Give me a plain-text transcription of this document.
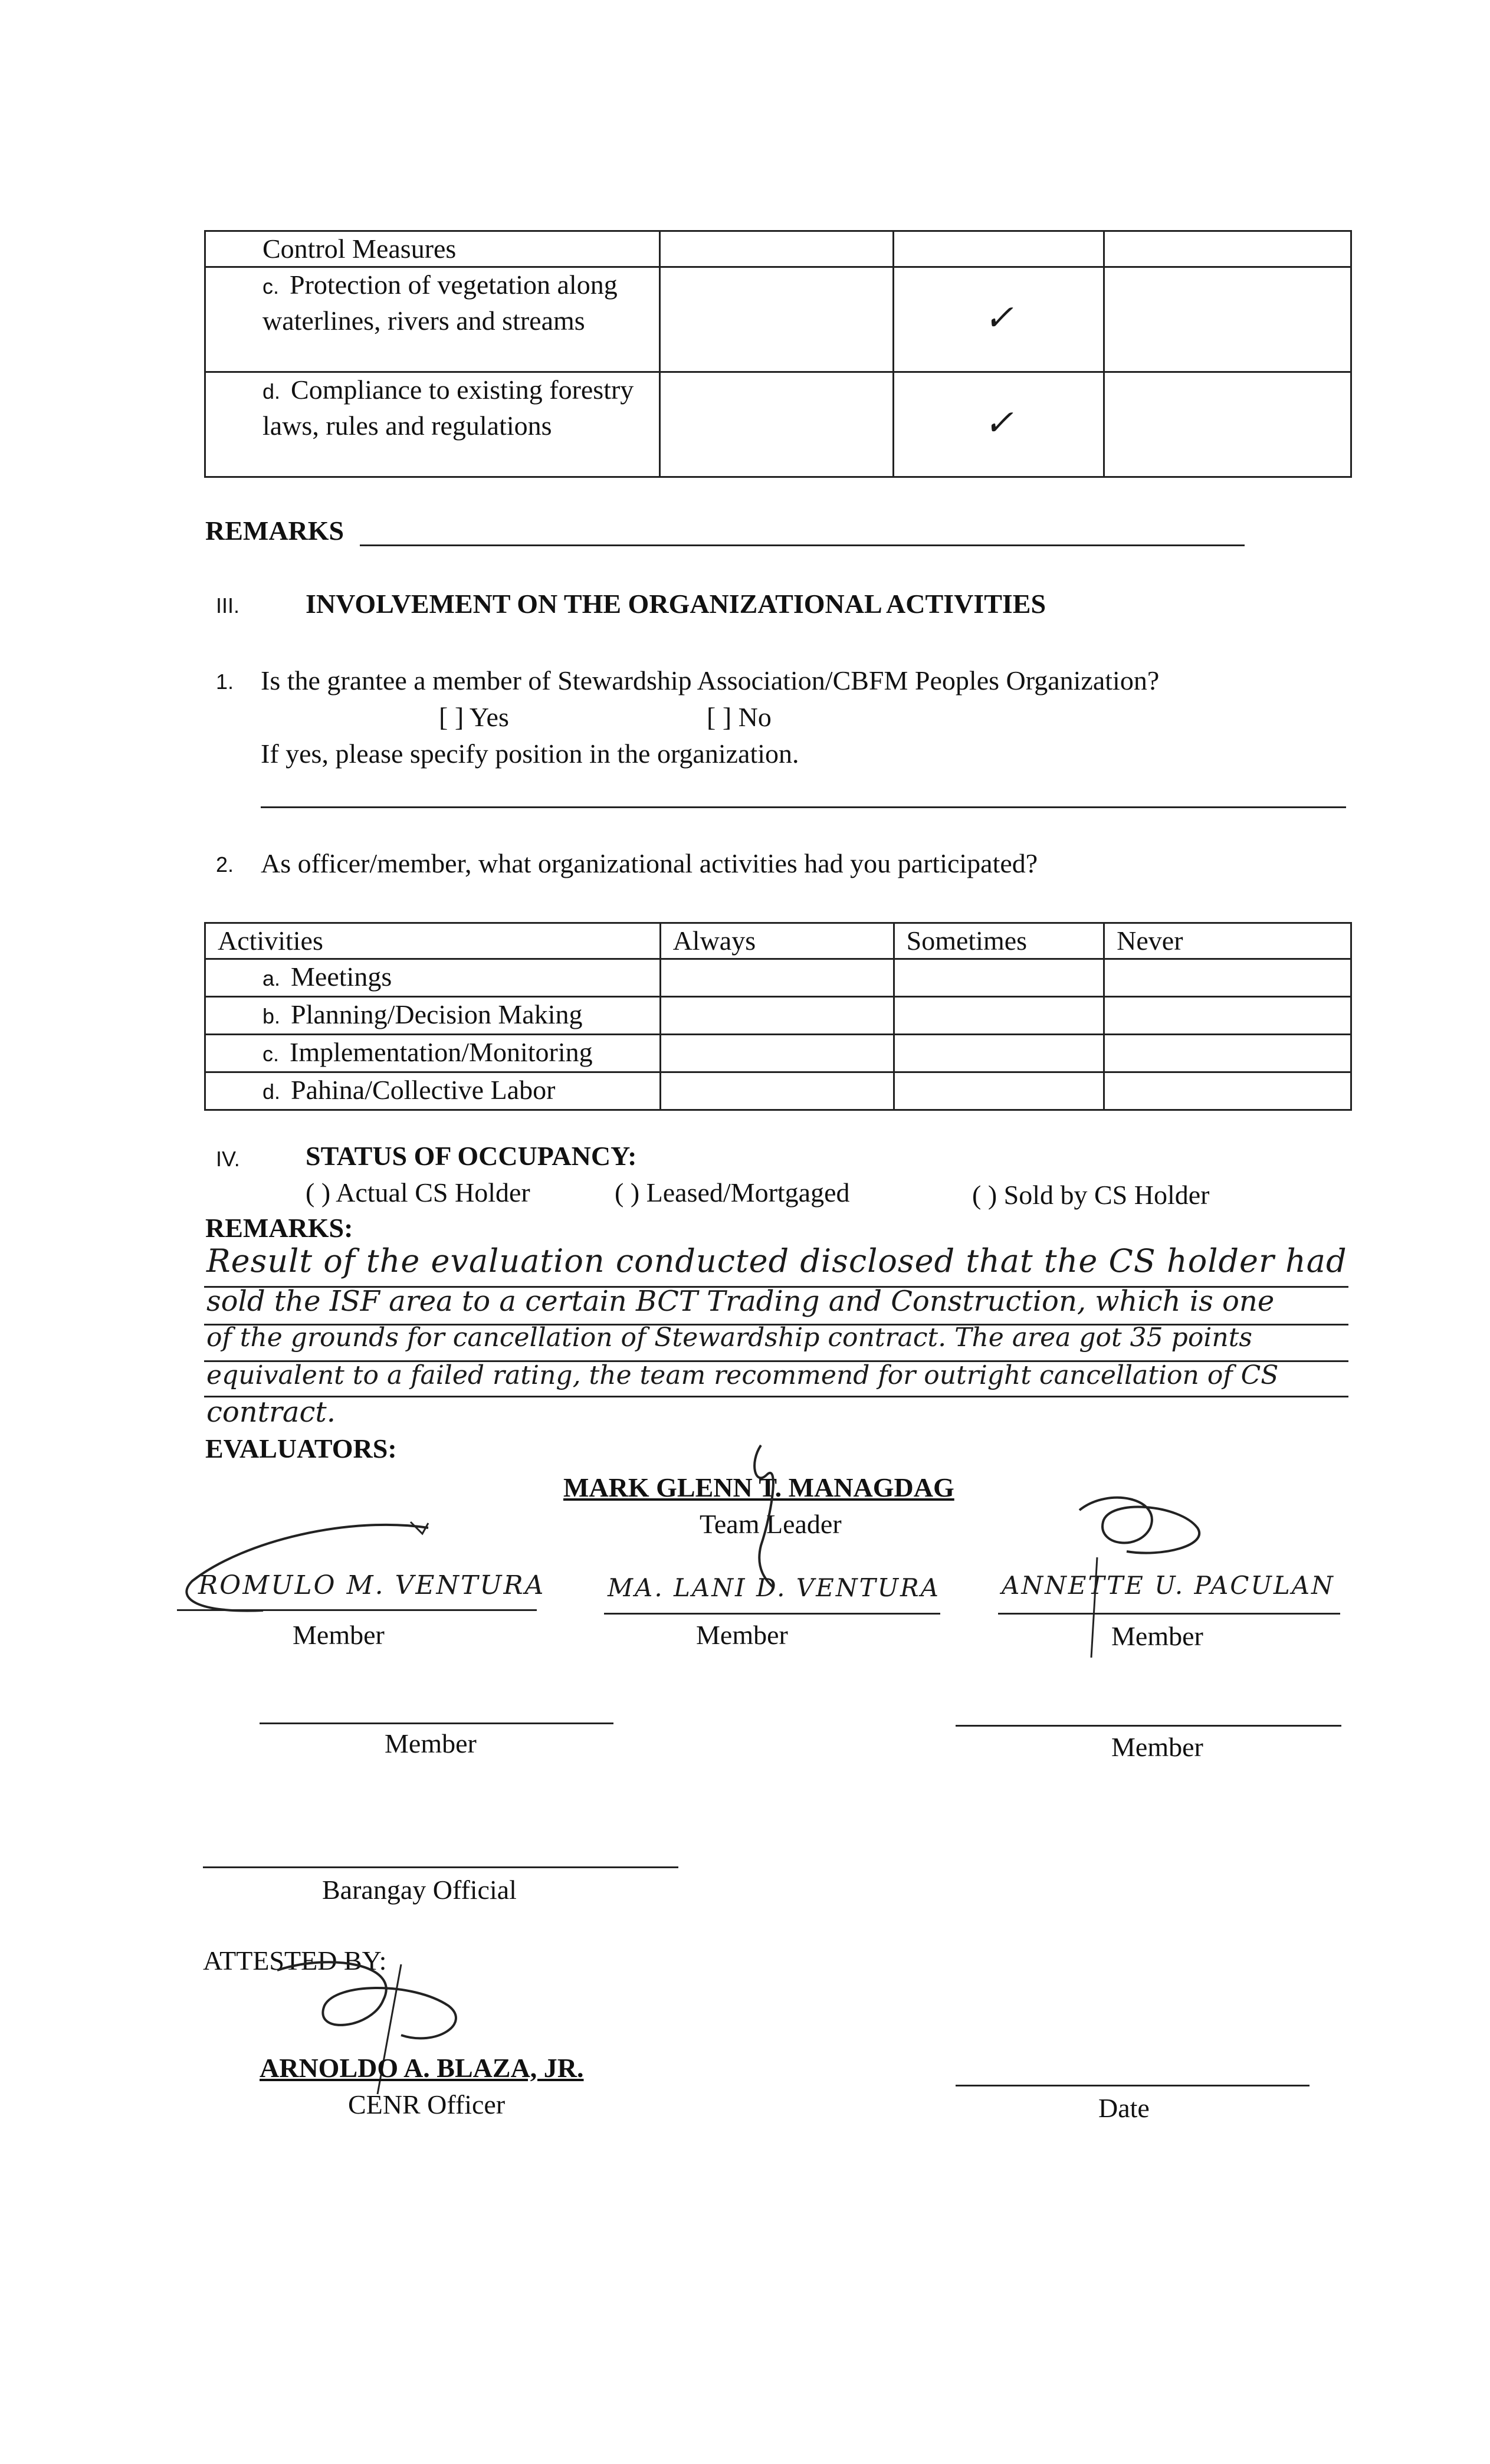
Control Measures			
c. Protection of vegetation along waterlines, rivers and streams		✓	
d. Compliance to existing forestry laws, rules and regulations		✓	
REMARKS
III. INVOLVEMENT ON THE ORGANIZATIONAL ACTIVITIES
1. Is the grantee a member of Stewardship Association/CBFM Peoples Organization?
[ ] Yes	[ ] No
If yes, please specify position in the organization.
2. As officer/member, what organizational activities had you participated?
Activities	Always	Sometimes	Never
a. Meetings			
b. Planning/Decision Making			
c. Implementation/Monitoring			
d. Pahina/Collective Labor			
IV. STATUS OF OCCUPANCY:
( ) Actual CS Holder	( ) Leased/Mortgaged	( ) Sold by CS Holder
REMARKS:
Result of the evaluation conducted disclosed that the CS holder had
sold the ISF area to a certain BCT Trading and Construction, which is one
of the grounds for cancellation of Stewardship contract. The area got 35 points
equivalent to a failed rating, the team recommend for outright cancellation of CS
contract.
EVALUATORS:
MARK GLENN T. MANAGDAG
Team Leader
ROMULO M. VENTURA
Member
MA. LANI D. VENTURA
Member
ANNETTE U. PACULAN
Member
Member	Member
Barangay Official
ATTESTED BY:
ARNOLDO A. BLAZA, JR.
CENR Officer	Date
